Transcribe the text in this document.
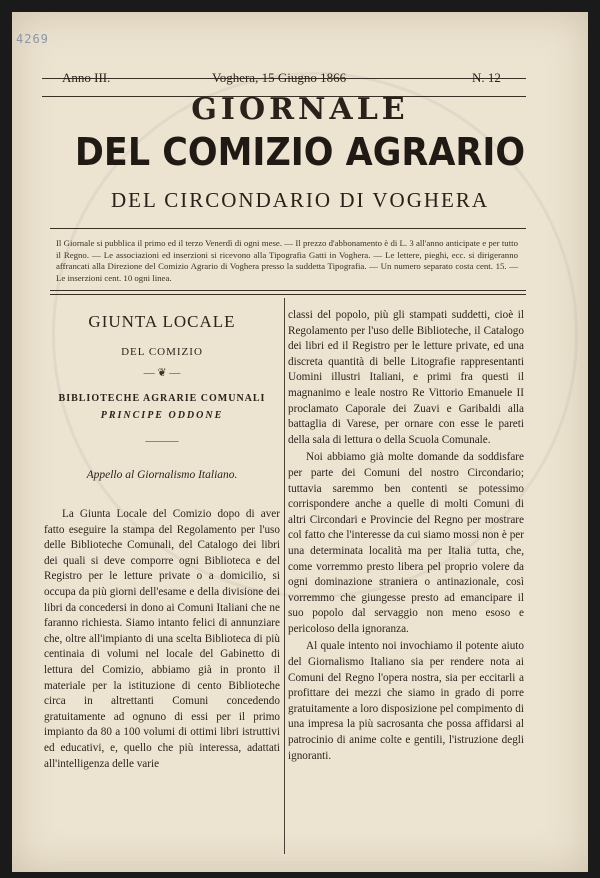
4269
Anno III.	Voghera, 15 Giugno 1866	N. 12
GIORNALE
DEL COMIZIO AGRARIO
DEL CIRCONDARIO DI VOGHERA
Il Giornale si pubblica il primo ed il terzo Venerdì di ogni mese. — Il prezzo d'abbonamento è di L. 3 all'anno anticipate e per tutto il Regno. — Le associazioni ed inserzioni si ricevono alla Tipografia Gatti in Voghera. — Le lettere, pieghi, ecc. si dirigeranno affrancati alla Direzione del Comizio Agrario di Voghera presso la suddetta Tipografia. — Un numero separato costa cent. 15. — Le inserzioni cent. 10 ogni linea.
GIUNTA LOCALE
DEL COMIZIO
— ❦ —
BIBLIOTECHE AGRARIE COMUNALI
PRINCIPE ODDONE
———
Appello al Giornalismo Italiano.
La Giunta Locale del Comizio dopo di aver fatto eseguire la stampa del Regolamento per l'uso delle Biblioteche Comunali, del Catalogo dei libri dei quali si deve comporre ogni Biblioteca e del Registro per le letture private o a domicilio, si occupa da più giorni dell'esame e della divisione dei libri da concedersi in dono ai Comuni Italiani che ne faranno richiesta. Siamo intanto felici di annunziare che, oltre all'impianto di una scelta Biblioteca di più centinaia di volumi nel locale del Gabinetto di lettura del Comizio, abbiamo già in pronto il materiale per la istituzione di cento Biblioteche circa in altrettanti Comuni concedendo gratuitamente ad ognuno di essi per il primo impianto da 80 a 100 volumi di ottimi libri istruttivi ed educativi, e, quello che più interessa, adattati all'intelligenza delle varie

classi del popolo, più gli stampati suddetti, cioè il Regolamento per l'uso delle Biblioteche, il Catalogo dei libri ed il Registro per le letture private, ed una discreta quantità di belle Litografie rappresentanti Uomini illustri Italiani, e primi fra questi il magnanimo e leale nostro Re Vittorio Emanuele II proclamato Caporale dei Zuavi e Garibaldi alla battaglia di Varese, per ornare con esse le pareti della sala di lettura o della Scuola Comunale.

Noi abbiamo già molte domande da soddisfare per parte dei Comuni del nostro Circondario; tuttavia saremmo ben contenti se potessimo corrispondere anche a quelle di molti Comuni di altri Circondari e Provincie del Regno per mostrare col fatto che l'interesse da cui siamo mossi non è per una determinata località ma per Italia tutta, che, come vorremmo presto libera pel proprio volere da ogni dominazione straniera o antinazionale, così vorremmo che giungesse presto ad emancipare il suo popolo dal servaggio non meno esoso e pericoloso della ignoranza.

Al quale intento noi invochiamo il potente aiuto del Giornalismo Italiano sia per rendere nota ai Comuni del Regno l'opera nostra, sia per eccitarli a profittare dei mezzi che siamo in grado di porre gratuitamente a loro disposizione pel compimento di una impresa la più sacrosanta che possa affidarsi al patrocinio di anime colte e gentili, l'istruzione degli ignoranti.
